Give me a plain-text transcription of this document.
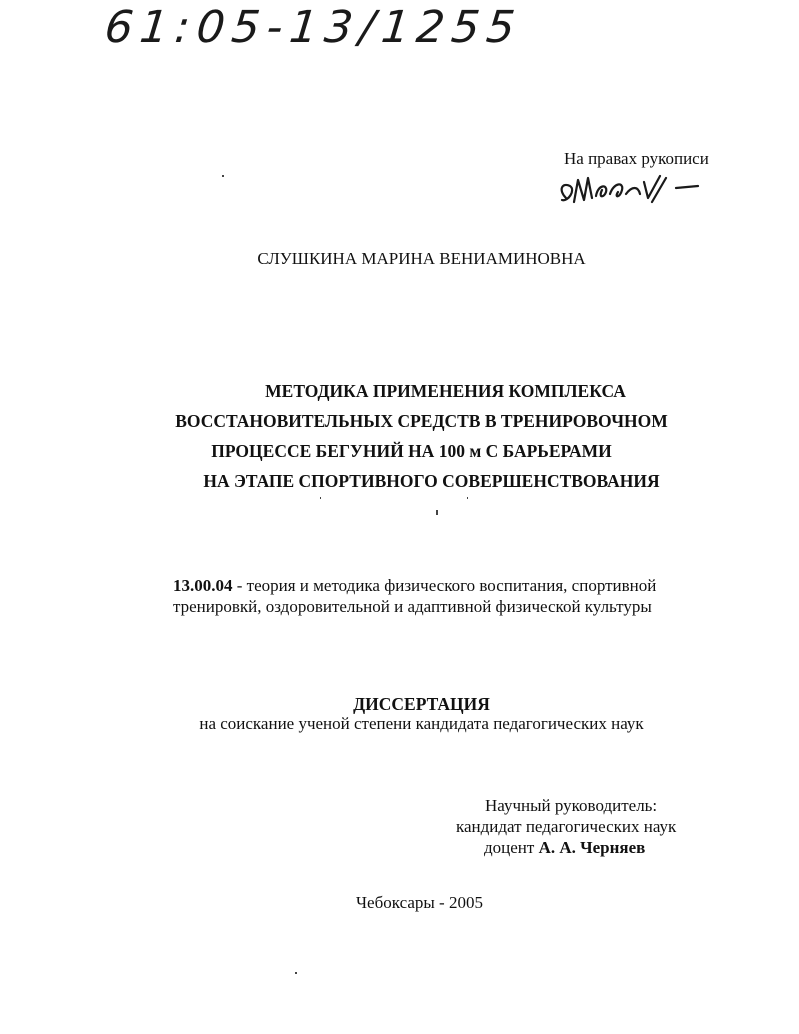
61:05-13/1255
На правах рукописи
СЛУШКИНА МАРИНА ВЕНИАМИНОВНА
МЕТОДИКА ПРИМЕНЕНИЯ КОМПЛЕКСА
ВОССТАНОВИТЕЛЬНЫХ СРЕДСТВ В ТРЕНИРОВОЧНОМ
ПРОЦЕССЕ БЕГУНИЙ НА 100 м С БАРЬЕРАМИ
НА ЭТАПЕ СПОРТИВНОГО СОВЕРШЕНСТВОВАНИЯ
13.00.04 - теория и методика физического воспитания, спортивной
тренировкй, оздоровительной и адаптивной физической культуры
ДИССЕРТАЦИЯ
на соискание ученой степени кандидата педагогических наук
Научный руководитель:
кандидат педагогических наук
доцент А. А. Черняев
Чебоксары - 2005
